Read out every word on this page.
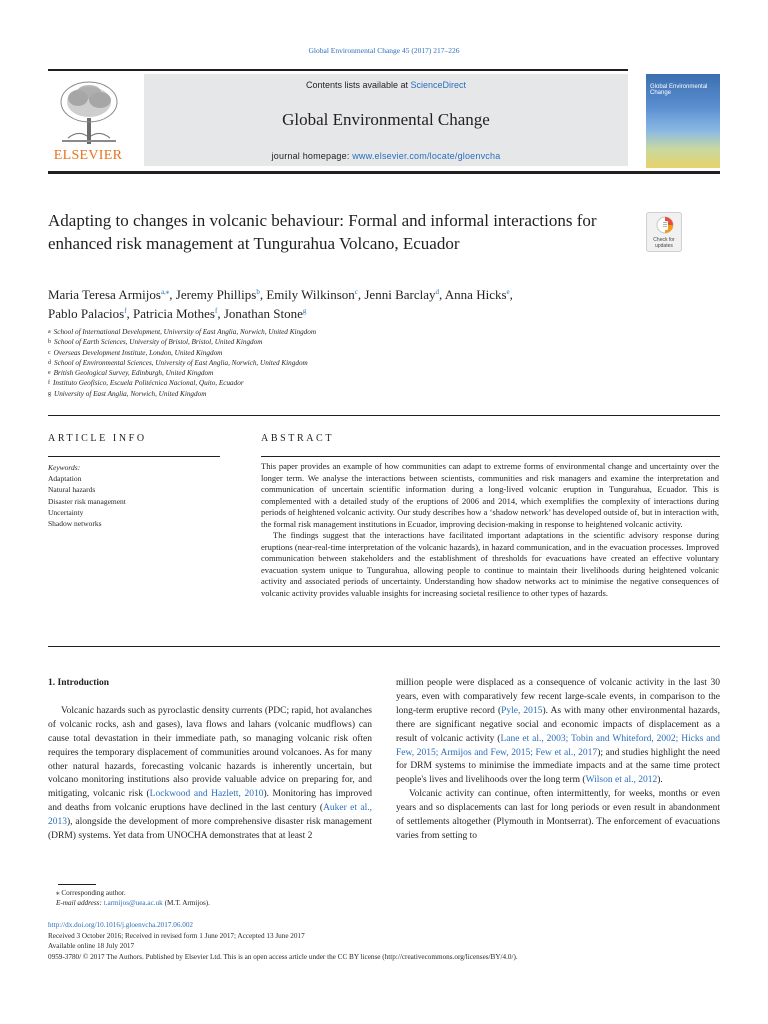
Global Environmental Change 45 (2017) 217–226
ELSEVIER
Contents lists available at ScienceDirect
Global Environmental Change
journal homepage: www.elsevier.com/locate/gloenvcha
Global Environmental Change
Adapting to changes in volcanic behaviour: Formal and informal interactions for enhanced risk management at Tungurahua Volcano, Ecuador	Check for updates
Maria Teresa Armijos$^{a,⁎}$, Jeremy Phillips$^b$, Emily Wilkinson$^c$, Jenni Barclay$^d$, Anna Hicks$^e$,
Pablo Palacios$^f$, Patricia Mothes$^f$, Jonathan Stone$^g$
$^a$ School of International Development, University of East Anglia, Norwich, United Kingdom
$^b$ School of Earth Sciences, University of Bristol, Bristol, United Kingdom
$^c$ Overseas Development Institute, London, United Kingdom
$^d$ School of Environmental Sciences, University of East Anglia, Norwich, United Kingdom
$^e$ British Geological Survey, Edinburgh, United Kingdom
$^f$ Instituto Geofísico, Escuela Politécnica Nacional, Quito, Ecuador
$^g$ University of East Anglia, Norwich, United Kingdom
ARTICLE INFO
Keywords:
Adaptation
Natural hazards
Disaster risk management
Uncertainty
Shadow networks
ABSTRACT

This paper provides an example of how communities can adapt to extreme forms of environmental change and uncertainty over the longer term. We analyse the interactions between scientists, communities and risk managers and examine the interpretation and communication of uncertain scientific information during a long-lived volcanic eruption in Tungurahua, Ecuador. This is complemented with a detailed study of the eruptions of 2006 and 2014, which exemplifies the complexity of interactions during periods of heightened volcanic activity. Our study describes how a ‘shadow network’ has developed outside of, but in interaction with, the formal risk management institutions in Ecuador, improving decision-making in response to heightened volcanic activity.

The findings suggest that the interactions have facilitated important adaptations in the scientific advisory response during eruptions (near-real-time interpretation of the volcanic hazards), in hazard communication, and in the evacuation processes. Improved communication between stakeholders and the establishment of thresholds for evacuations have created an effective voluntary evacuation system unique to Tungurahua, allowing people to continue to maintain their livelihoods during heightened volcanic activity and associated periods of uncertainty. Understanding how shadow networks act to minimise the negative consequences of volcanic activity provides valuable insights for increasing societal resilience to other types of hazards.

1. Introduction

Volcanic hazards such as pyroclastic density currents (PDC; rapid, hot avalanches of volcanic rocks, ash and gases), lava flows and lahars (volcanic mudflows) can cause total devastation in their immediate path, so managing volcanic risk often requires the temporary displacement of communities around volcanoes. As for many other natural hazards, forecasting volcanic hazards is inherently uncertain, but volcano monitoring institutions also provide valuable advice on preparing for, and mitigating, volcanic risk (Lockwood and Hazlett, 2010). Monitoring has improved and deaths from volcanic eruptions have declined in the last century (Auker et al., 2013), alongside the development of more comprehensive disaster risk management (DRM) systems. Yet data from UNOCHA demonstrates that at least 2

million people were displaced as a consequence of volcanic activity in the last 30 years, even with comparatively few recent large-scale events, in comparison to the long-term eruptive record (Pyle, 2015). As with many other environmental hazards, there are significant negative social and economic impacts of displacement as a result of volcanic activity (Lane et al., 2003; Tobin and Whiteford, 2002; Hicks and Few, 2015; Armijos and Few, 2015; Few et al., 2017); and studies highlight the need for DRM systems to minimise the immediate impacts and at the same time protect people's lives and livelihoods over the long term (Wilson et al., 2012).

Volcanic activity can continue, often intermittently, for weeks, months or even years and so displacements can last for long periods or even result in abandonment of settlements altogether (Plymouth in Montserrat). The enforcement of evacuations varies from setting to

⁎ Corresponding author.
E-mail address: t.armijos@uea.ac.uk (M.T. Armijos).
http://dx.doi.org/10.1016/j.gloenvcha.2017.06.002
Received 3 October 2016; Received in revised form 1 June 2017; Accepted 13 June 2017
Available online 18 July 2017
0959-3780/ © 2017 The Authors. Published by Elsevier Ltd. This is an open access article under the CC BY license (http://creativecommons.org/licenses/BY/4.0/).
